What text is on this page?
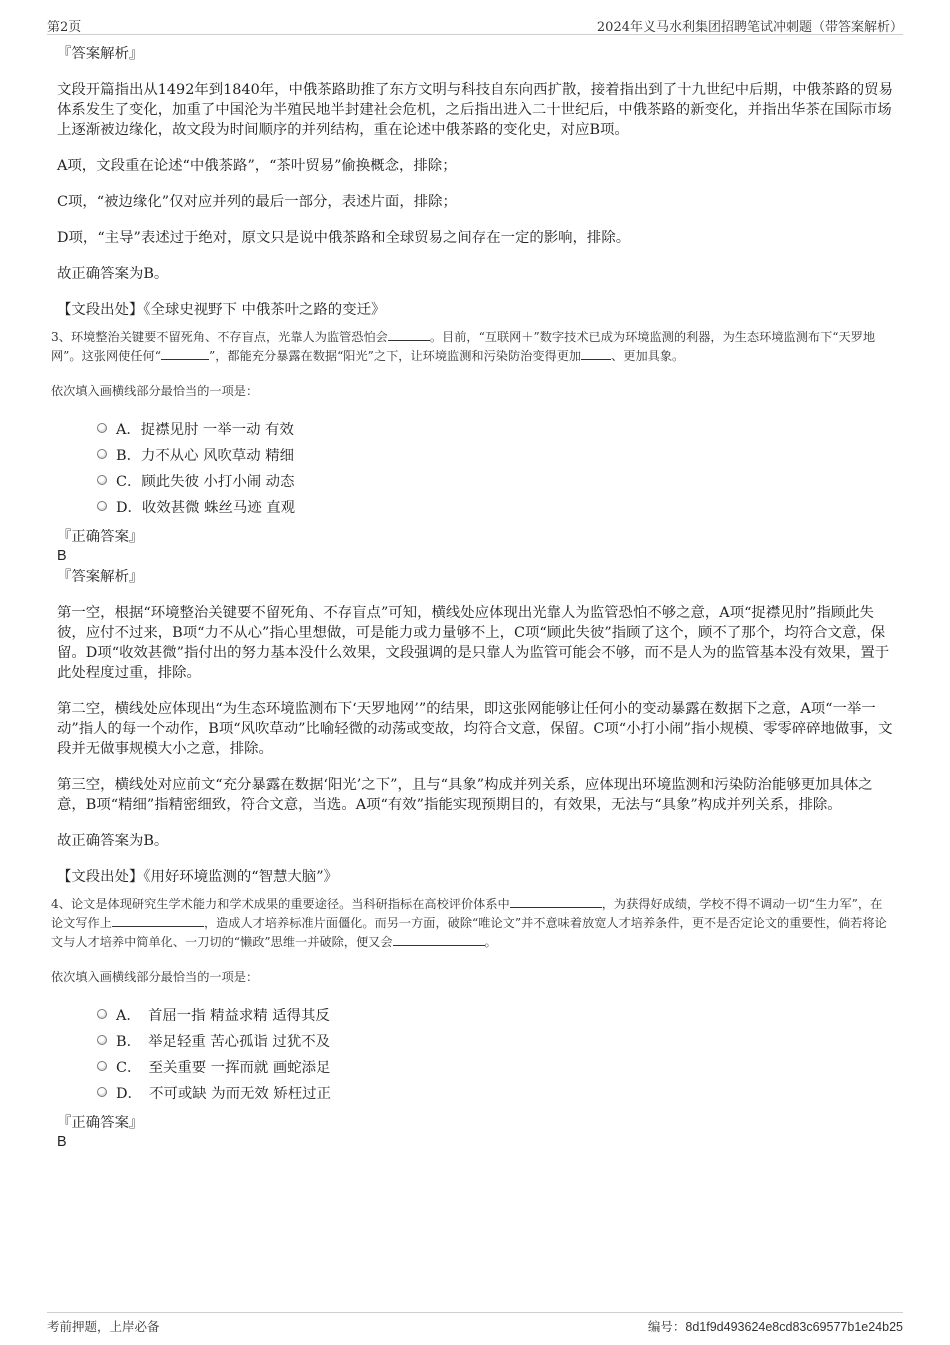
第2页	2024年义马水利集团招聘笔试冲刺题（带答案解析）
『答案解析』

文段开篇指出从1492年到1840年，中俄茶路助推了东方文明与科技自东向西扩散，接着指出到了十九世纪中后期，中俄茶路的贸易体系发生了变化，加重了中国沦为半殖民地半封建社会危机，之后指出进入二十世纪后，中俄茶路的新变化，并指出华茶在国际市场上逐渐被边缘化，故文段为时间顺序的并列结构，重在论述中俄茶路的变化史，对应B项。

A项，文段重在论述“中俄茶路”，“茶叶贸易”偷换概念，排除；

C项，“被边缘化”仅对应并列的最后一部分，表述片面，排除；

D项，“主导”表述过于绝对，原文只是说中俄茶路和全球贸易之间存在一定的影响，排除。

故正确答案为B。

【文段出处】《全球史视野下 中俄茶叶之路的变迁》

3、环境整治关键要不留死角、不存盲点，光靠人为监管恐怕会	。目前，“互联网＋”数字技术已成为环境监测的利器，为生态环境监测布下“天罗地网”。这张网使任何“	”，都能充分暴露在数据“阳光”之下，让环境监测和污染防治变得更加 、更加具象。

依次填入画横线部分最恰当的一项是：

A．捉襟见肘 一举一动 有效
B．力不从心 风吹草动 精细
C．顾此失彼 小打小闹 动态
D．收效甚微 蛛丝马迹 直观
『正确答案』
B
『答案解析』

第一空，根据“环境整治关键要不留死角、不存盲点”可知，横线处应体现出光靠人为监管恐怕不够之意，A项“捉襟见肘”指顾此失彼，应付不过来，B项“力不从心”指心里想做，可是能力或力量够不上，C项“顾此失彼”指顾了这个，顾不了那个，均符合文意，保留。D项“收效甚微”指付出的努力基本没什么效果，文段强调的是只靠人为监管可能会不够，而不是人为的监管基本没有效果，置于此处程度过重，排除。

第二空，横线处应体现出“为生态环境监测布下‘天罗地网’”的结果，即这张网能够让任何小的变动暴露在数据下之意，A项“一举一动”指人的每一个动作，B项“风吹草动”比喻轻微的动荡或变故，均符合文意，保留。C项“小打小闹”指小规模、零零碎碎地做事，文段并无做事规模大小之意，排除。

第三空，横线处对应前文“充分暴露在数据‘阳光’之下”，且与“具象”构成并列关系，应体现出环境监测和污染防治能够更加具体之意，B项“精细”指精密细致，符合文意，当选。A项“有效”指能实现预期目的，有效果，无法与“具象”构成并列关系，排除。

故正确答案为B。

【文段出处】《用好环境监测的“智慧大脑”》

4、论文是体现研究生学术能力和学术成果的重要途径。当科研指标在高校评价体系中	，为获得好成绩，学校不得不调动一切“生力军”，在论文写作上	，造成人才培养标准片面僵化。而另一方面，破除“唯论文”并不意味着放宽人才培养条件，更不是否定论文的重要性，倘若将论文与人才培养中简单化、一刀切的“懒政”思维一并破除，便又会	。

依次填入画横线部分最恰当的一项是：

A．　首屈一指 精益求精 适得其反
B．　举足轻重 苦心孤诣 过犹不及
C．　至关重要 一挥而就 画蛇添足
D．　不可或缺 为而无效 矫枉过正
『正确答案』
B
考前押题，上岸必备	编号：8d1f9d493624e8cd83c69577b1e24b25
